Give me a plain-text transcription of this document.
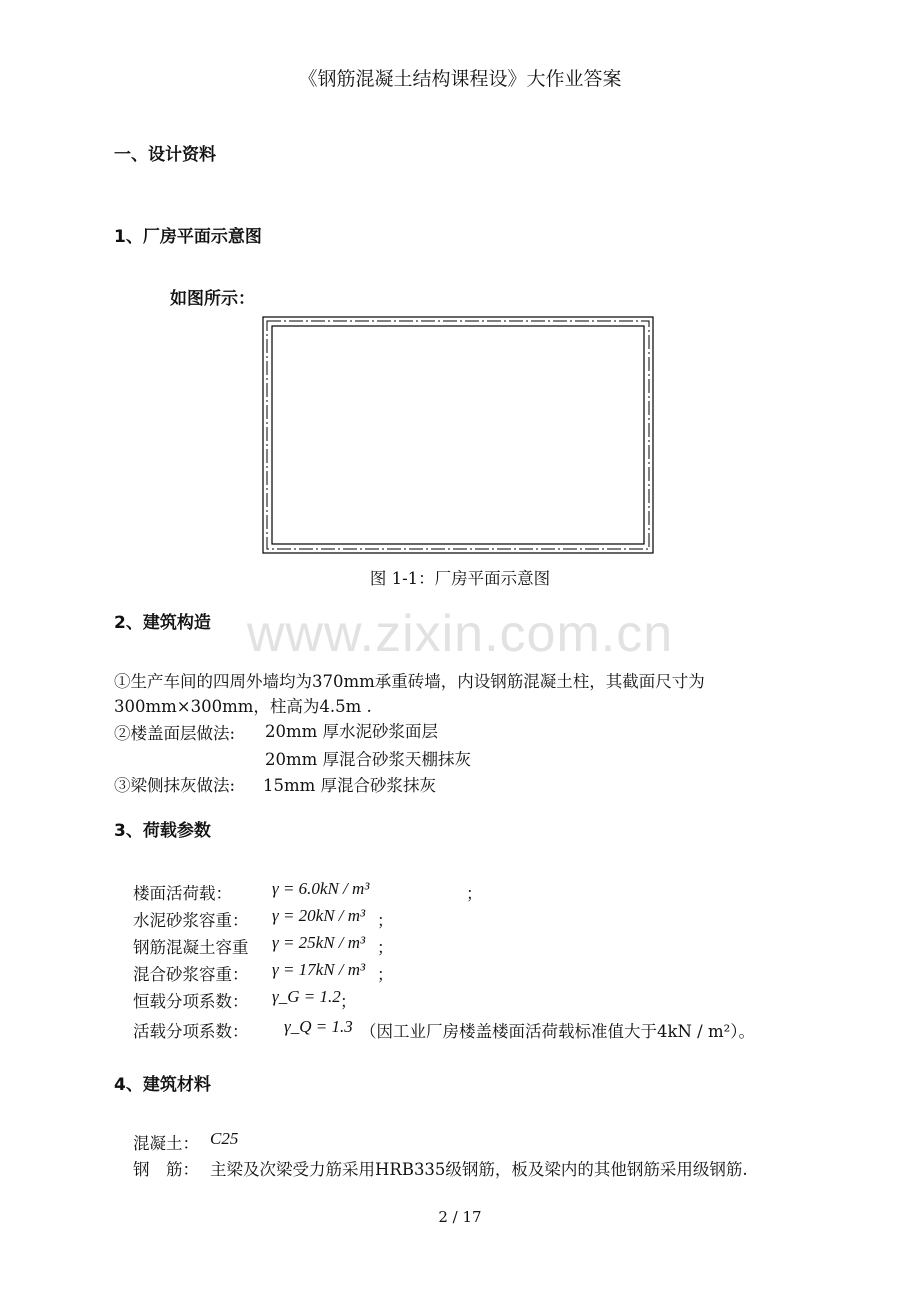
《钢筋混凝土结构课程设》大作业答案
一、设计资料
1、厂房平面示意图
如图所示：
图 1-1：厂房平面示意图
www.zixin.com.cn
2、建筑构造
①生产车间的四周外墙均为370mm承重砖墙，内设钢筋混凝土柱，其截面尺寸为
300mm×300mm，柱高为4.5m .
②楼盖面层做法: 20mm 厚水泥砂浆面层
20mm 厚混合砂浆天棚抹灰
③梁侧抹灰做法: 15mm 厚混合砂浆抹灰
3、荷载参数
楼面活荷载： γ = 6.0kN / m³	；
水泥砂浆容重： γ = 20kN / m³ ；
钢筋混凝土容重 γ = 25kN / m³ ；
混合砂浆容重： γ = 17kN / m³ ；
恒载分项系数： γ_G = 1.2 ；
活载分项系数： γ_Q = 1.3 （因工业厂房楼盖楼面活荷载标准值大于4kN / m²）。
4、建筑材料
混凝土： C25
钢　筋： 主梁及次梁受力筋采用HRB335级钢筋，板及梁内的其他钢筋采用级钢筋.
2 / 17
